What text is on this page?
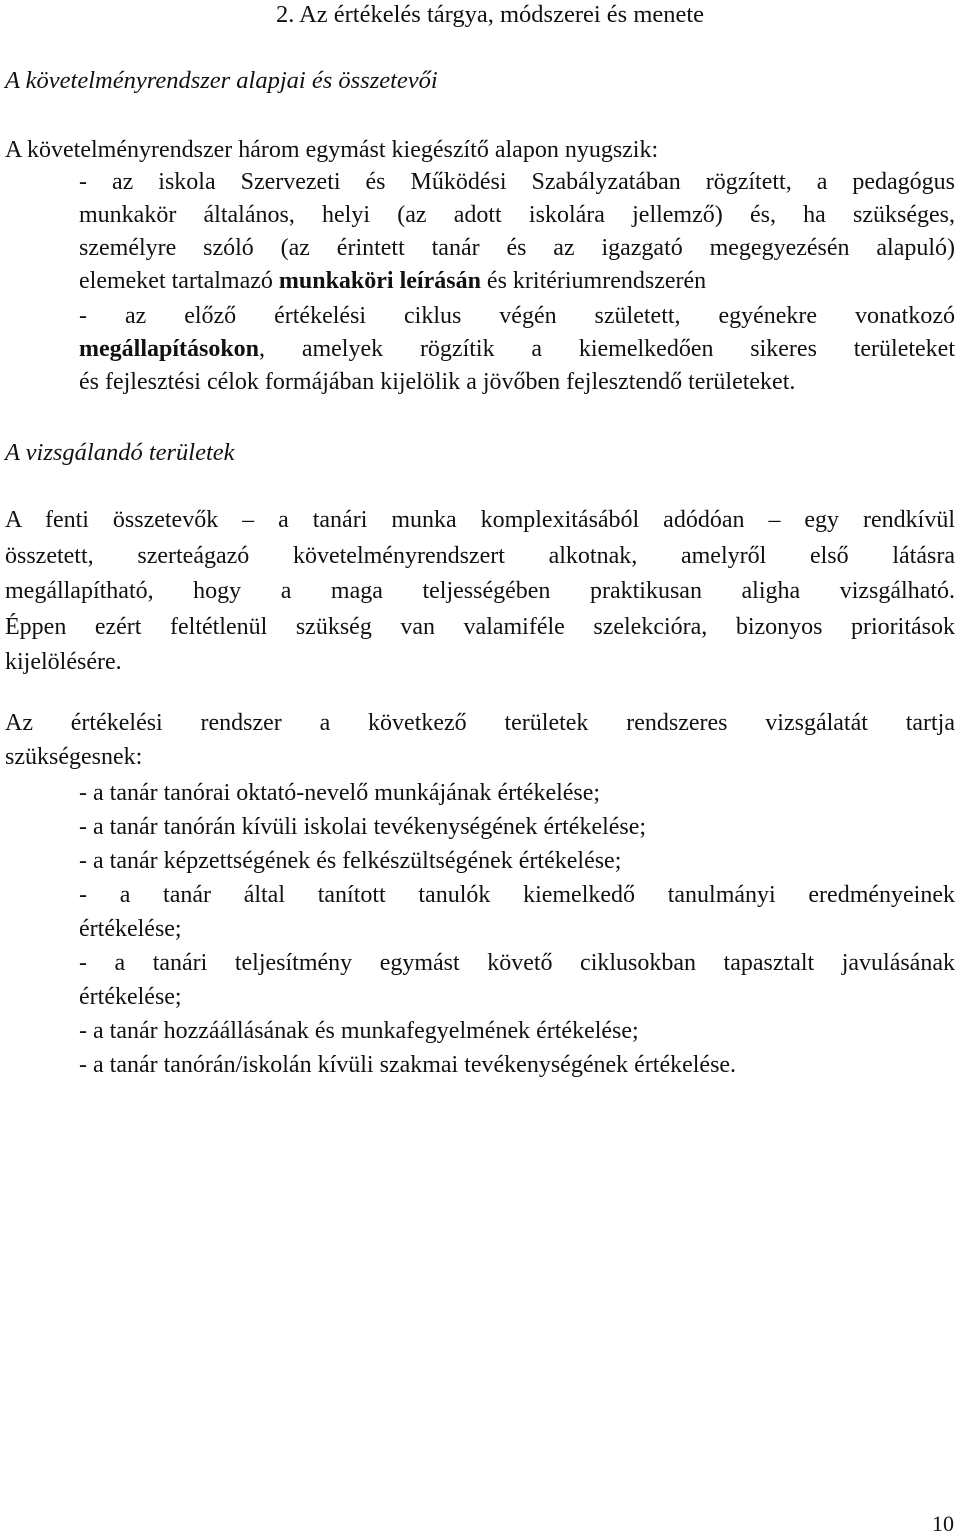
2. Az értékelés tárgya, módszerei és menete

A követelményrendszer alapjai és összetevői

A követelményrendszer három egymást kiegészítő alapon nyugszik:

- az iskola Szervezeti és Működési Szabályzatában rögzített, a pedagógus
munkakör általános, helyi (az adott iskolára jellemző) és, ha szükséges,
személyre szóló (az érintett tanár és az igazgató megegyezésén alapuló)
elemeket tartalmazó munkaköri leírásán és kritériumrendszerén
- az előző értékelési ciklus végén született, egyénekre vonatkozó
megállapításokon, amelyek rögzítik a kiemelkedően sikeres területeket
és fejlesztési célok formájában kijelölik a jövőben fejlesztendő területeket.

A vizsgálandó területek

A fenti összetevők – a tanári munka komplexitásából adódóan – egy rendkívül
összetett, szerteágazó követelményrendszert alkotnak, amelyről első látásra
megállapítható, hogy a maga teljességében praktikusan aligha vizsgálható.
Éppen ezért feltétlenül szükség van valamiféle szelekcióra, bizonyos prioritások
kijelölésére.
Az értékelési rendszer a következő területek rendszeres vizsgálatát tartja
szükségesnek:
- a tanár tanórai oktató-nevelő munkájának értékelése;
- a tanár tanórán kívüli iskolai tevékenységének értékelése;
- a tanár képzettségének és felkészültségének értékelése;
- a tanár által tanított tanulók kiemelkedő tanulmányi eredményeinek
értékelése;
- a tanári teljesítmény egymást követő ciklusokban tapasztalt javulásának
értékelése;
- a tanár hozzáállásának és munkafegyelmének értékelése;
- a tanár tanórán/iskolán kívüli szakmai tevékenységének értékelése.
10
